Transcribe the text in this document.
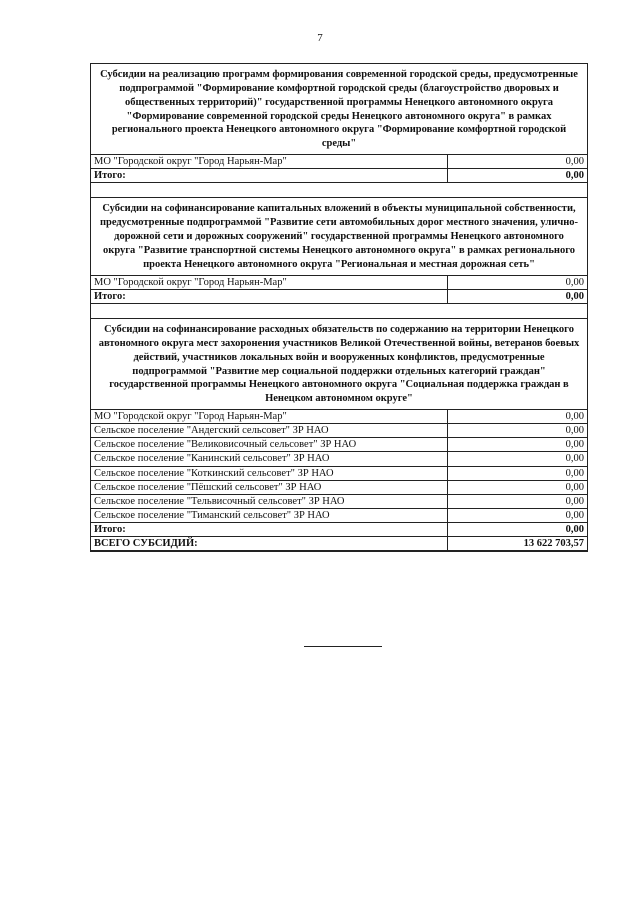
7
Субсидии на реализацию программ формирования современной городской среды, предусмотренные подпрограммой "Формирование комфортной городской среды (благоустройство дворовых и общественных территорий)" государственной программы Ненецкого автономного округа "Формирование современной городской среды Ненецкого автономного округа" в рамках регионального проекта Ненецкого автономного округа "Формирование комфортной городской среды"	
МО "Городской округ "Город Нарьян-Мар"	0,00
Итого:	0,00

Субсидии на софинансирование капитальных вложений в объекты муниципальной собственности, предусмотренные подпрограммой "Развитие сети автомобильных дорог местного значения, улично-дорожной сети и дорожных сооружений" государственной программы Ненецкого автономного округа "Развитие транспортной системы Ненецкого автономного округа" в рамках регионального проекта Ненецкого автономного округа "Региональная и местная дорожная сеть"	
МО "Городской округ "Город Нарьян-Мар"	0,00
Итого:	0,00

Субсидии на софинансирование расходных обязательств по содержанию на территории Ненецкого автономного округа мест захоронения участников Великой Отечественной войны, ветеранов боевых действий, участников локальных войн и вооруженных конфликтов, предусмотренные подпрограммой "Развитие мер социальной поддержки отдельных категорий граждан" государственной программы Ненецкого автономного округа "Социальная поддержка граждан в Ненецком автономном округе"	
МО "Городской округ "Город Нарьян-Мар"	0,00
Сельское поселение "Андегский сельсовет" ЗР НАО	0,00
Сельское поселение "Великовисочный сельсовет" ЗР НАО	0,00
Сельское поселение "Канинский сельсовет" ЗР НАО	0,00
Сельское поселение "Коткинский сельсовет" ЗР НАО	0,00
Сельское поселение "Пёшский сельсовет" ЗР НАО	0,00
Сельское поселение "Тельвисочный сельсовет" ЗР НАО	0,00
Сельское поселение "Тиманский сельсовет" ЗР НАО	0,00
Итого:	0,00
ВСЕГО СУБСИДИЙ:	13 622 703,57
